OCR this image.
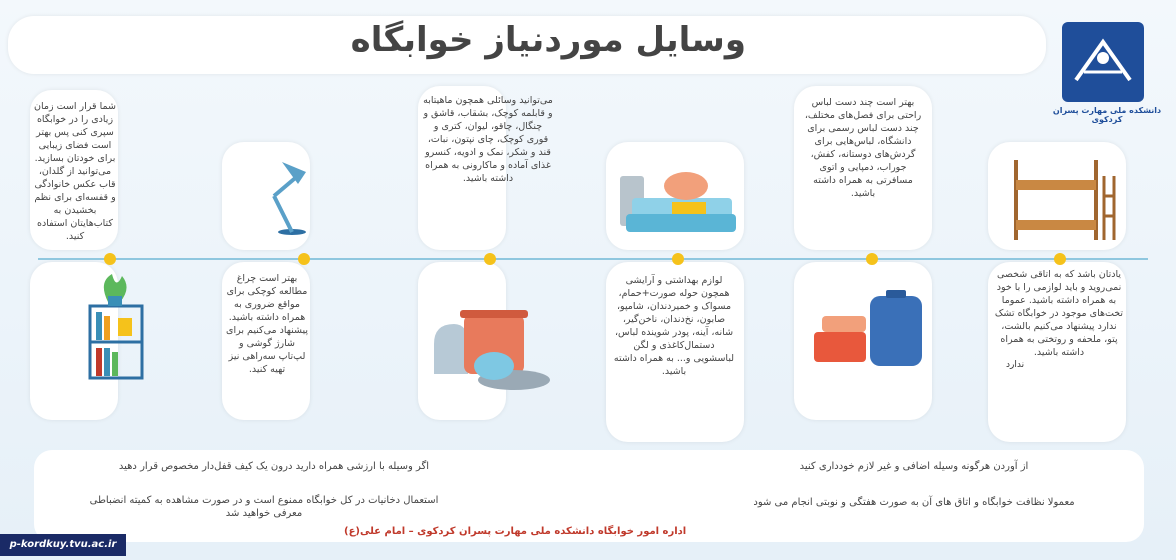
وسایل موردنیاز خوابگاه
دانشکده ملی مهارت پسران کردکوی
شما قرار است زمان زیادی را در خوابگاه سپری کنی پس بهتر است فضای زیبایی برای خودتان بسازید. می‌توانید از گلدان، قاب عکس خانوادگی و قفسه‌ای برای نظم بخشیدن به کتاب‌هایتان استفاده کنید.
بهتر است چراغ مطالعه کوچکی برای مواقع ضروری به همراه داشته باشید. پیشنهاد می‌کنیم برای شارژ گوشی و لپ‌تاپ سه‌راهی نیز تهیه کنید.
می‌توانید وسائلی همچون ماهیتابه و قابلمه کوچک، بشقاب، قاشق و چنگال، چاقو، لیوان، کتری و قوری کوچک، چای نپتون، نبات، قند و شکر، نمک و ادویه، کنسرو غذای آماده و ماکارونی به همراه داشته باشید.
لوازم بهداشتی و آرایشی همچون حوله صورت+حمام، مسواک و خمیردندان، شامپو، صابون، نخ‌دندان، ناخن‌گیر، شانه، آینه، پودر شوینده لباس، دستمال‌کاغذی و لگن لباسشویی و... به همراه داشته باشید.
بهتر است چند دست لباس راحتی برای فصل‌های مختلف، چند دست لباس رسمی برای دانشگاه، لباس‌هایی برای گردش‌های دوستانه، کفش، جوراب، دمپایی و اتوی مسافرتی به همراه داشته باشید.
یادتان باشد که به اتاقی شخصی نمی‌روید و باید لوازمی را با خود به همراه داشته باشید. عموما تخت‌های موجود در خوابگاه تشک ندارد پیشنهاد می‌کنیم بالشت، پتو، ملحفه و روتختی به همراه داشته باشید.
ندارد
اگر وسیله با ارزشی همراه دارید درون یک کیف قفل‌دار مخصوص قرار دهید
استعمال دخانیات در کل خوابگاه ممنوع است و در صورت مشاهده به کمیته انضباطی معرفی خواهید شد
از آوردن هرگونه وسیله اضافی و غیر لازم خودداری کنید
معمولا نظافت خوابگاه و اتاق های آن به صورت هفتگی و نوبتی انجام می شود
اداره امور خوابگاه دانشکده ملی مهارت پسران کردکوی – امام علی(ع)
p-kordkuy.tvu.ac.ir
